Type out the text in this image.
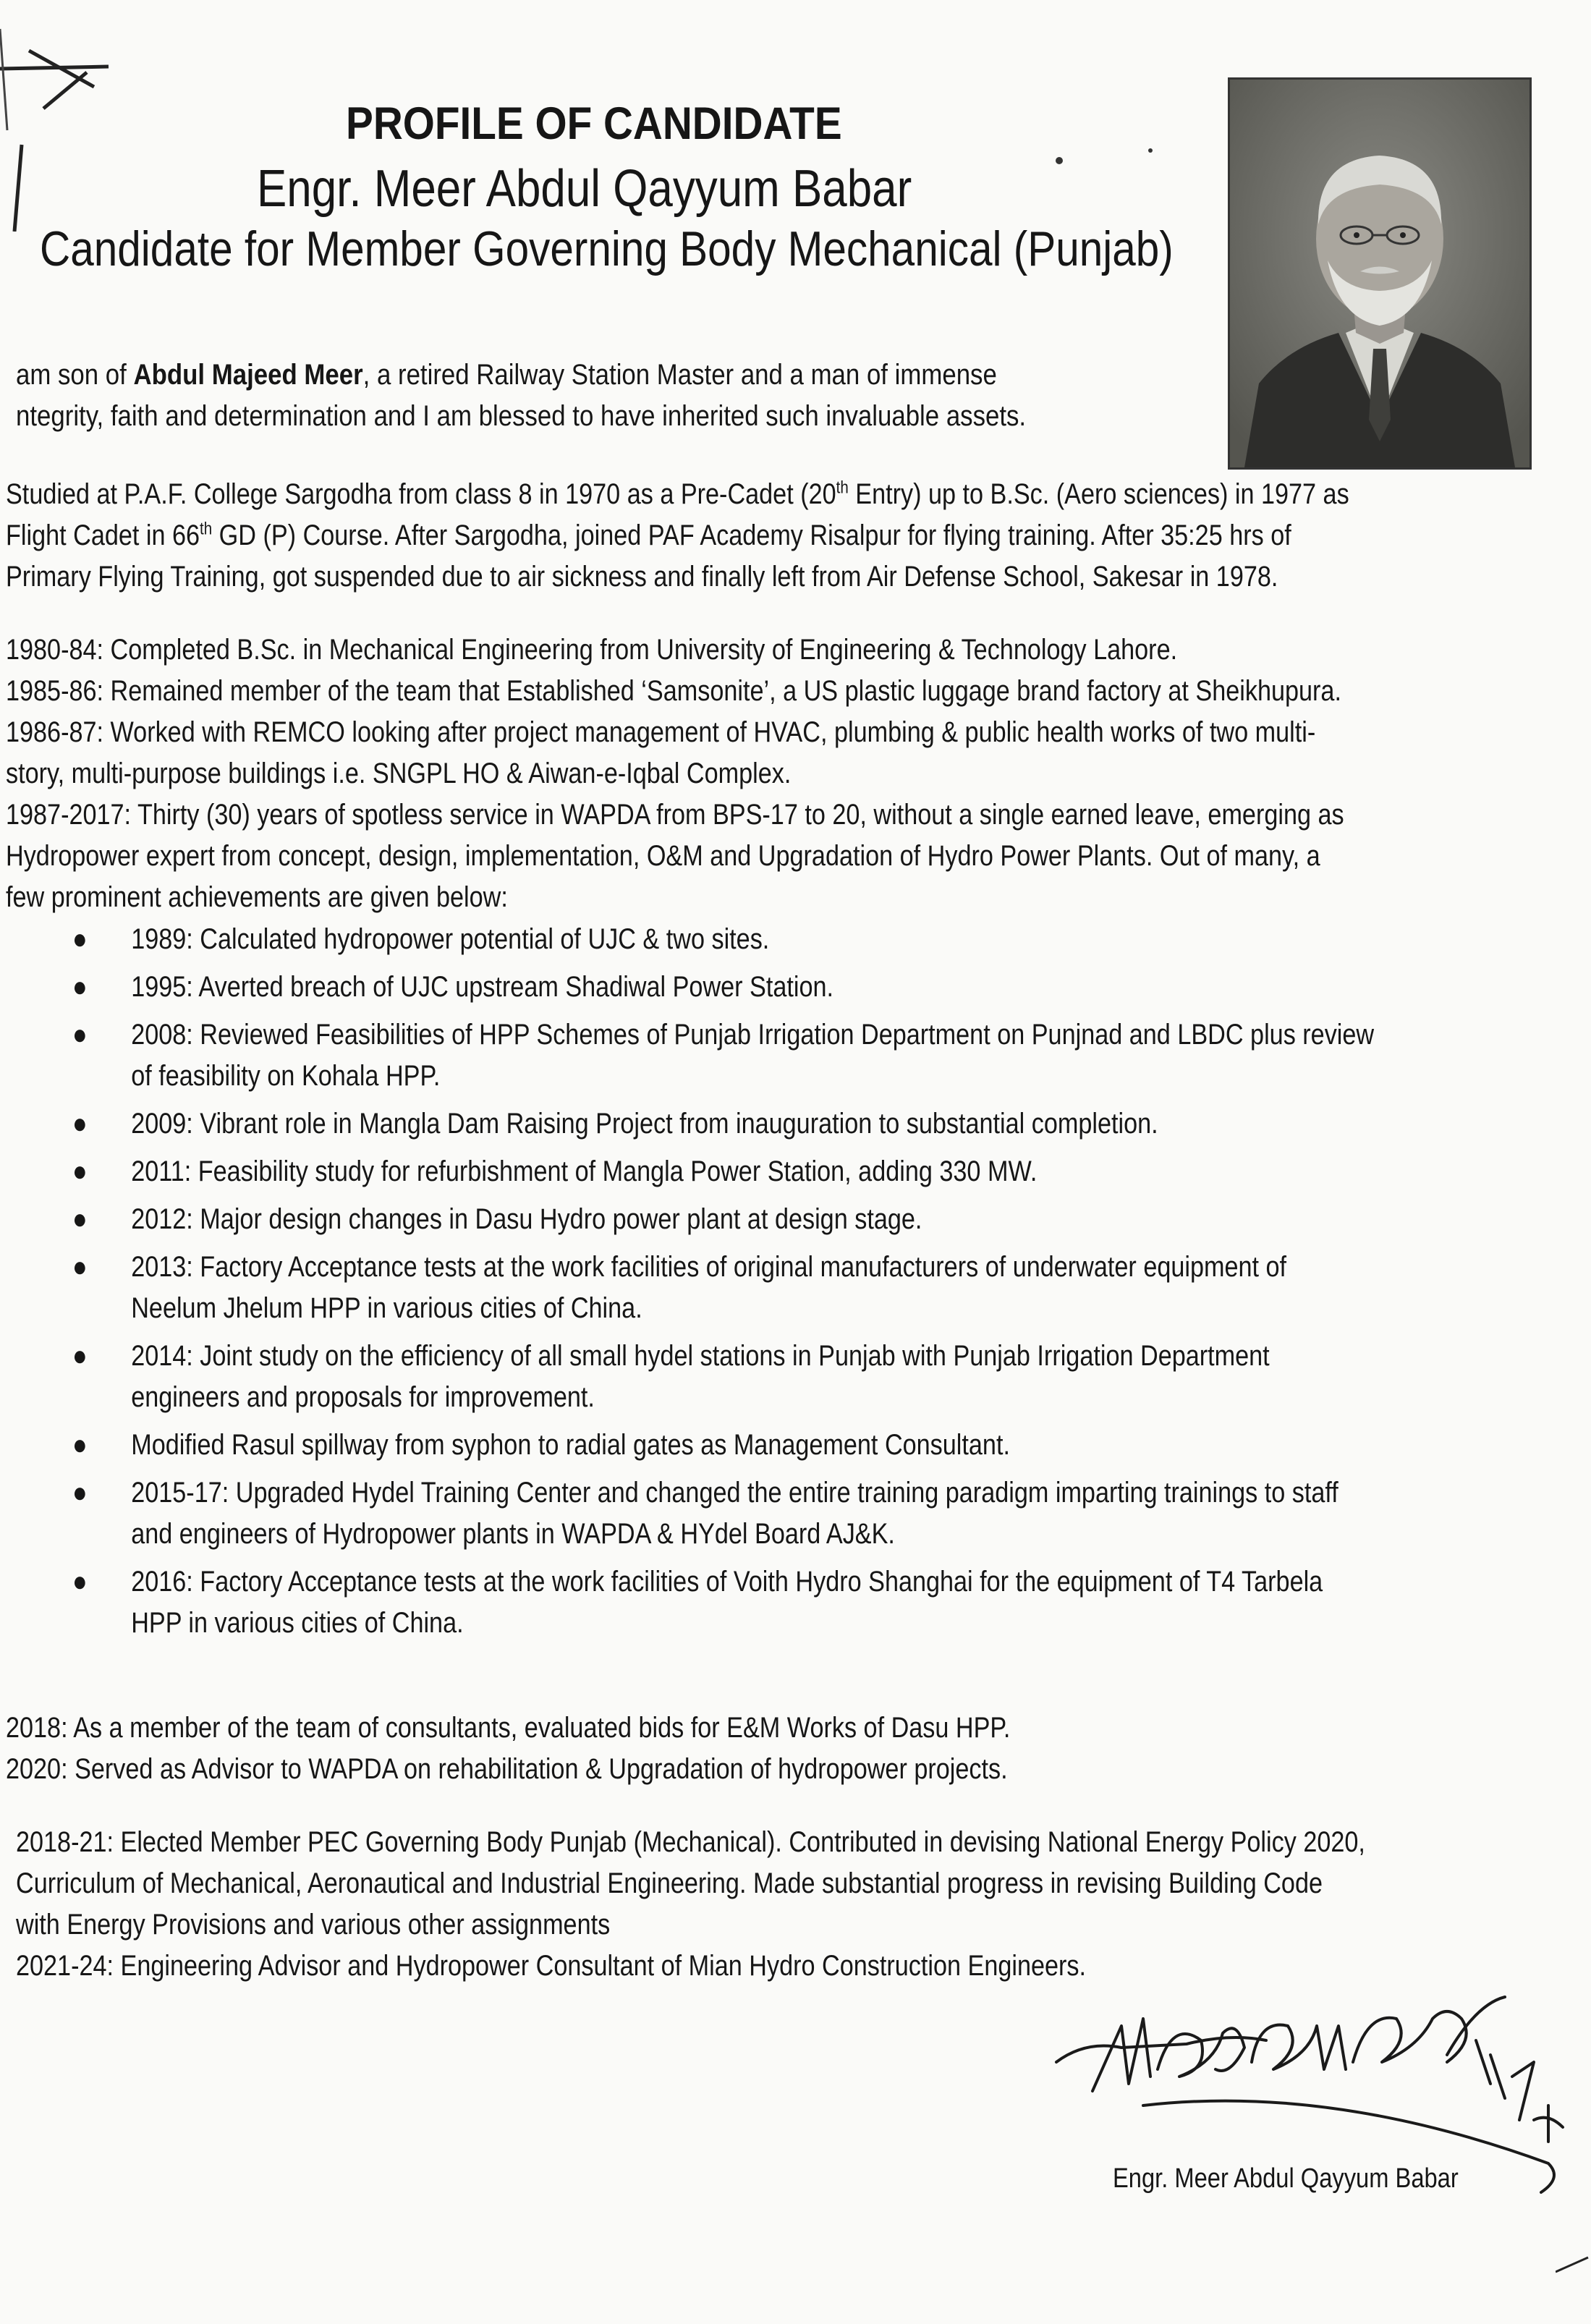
PROFILE OF CANDIDATE
Engr. Meer Abdul Qayyum Babar
Candidate for Member Governing Body Mechanical (Punjab)
am son of Abdul Majeed Meer, a retired Railway Station Master and a man of immense
ntegrity, faith and determination and I am blessed to have inherited such invaluable assets.
Studied at P.A.F. College Sargodha from class 8 in 1970 as a Pre-Cadet (20th Entry) up to B.Sc. (Aero sciences) in 1977 as
Flight Cadet in 66th GD (P) Course. After Sargodha, joined PAF Academy Risalpur for flying training. After 35:25 hrs of
Primary Flying Training, got suspended due to air sickness and finally left from Air Defense School, Sakesar in 1978.
1980-84: Completed B.Sc. in Mechanical Engineering from University of Engineering & Technology Lahore.
1985-86: Remained member of the team that Established ‘Samsonite’, a US plastic luggage brand factory at Sheikhupura.
1986-87: Worked with REMCO looking after project management of HVAC, plumbing & public health works of two multi-
story, multi-purpose buildings i.e. SNGPL HO & Aiwan-e-Iqbal Complex.
1987-2017: Thirty (30) years of spotless service in WAPDA from BPS-17 to 20, without a single earned leave, emerging as
Hydropower expert from concept, design, implementation, O&M and Upgradation of Hydro Power Plants. Out of many, a
few prominent achievements are given below:
● 1989: Calculated hydropower potential of UJC & two sites.
● 1995: Averted breach of UJC upstream Shadiwal Power Station.
● 2008: Reviewed Feasibilities of HPP Schemes of Punjab Irrigation Department on Punjnad and LBDC plus review
of feasibility on Kohala HPP.
● 2009: Vibrant role in Mangla Dam Raising Project from inauguration to substantial completion.
● 2011: Feasibility study for refurbishment of Mangla Power Station, adding 330 MW.
● 2012: Major design changes in Dasu Hydro power plant at design stage.
● 2013: Factory Acceptance tests at the work facilities of original manufacturers of underwater equipment of
Neelum Jhelum HPP in various cities of China.
● 2014: Joint study on the efficiency of all small hydel stations in Punjab with Punjab Irrigation Department
engineers and proposals for improvement.
● Modified Rasul spillway from syphon to radial gates as Management Consultant.
● 2015-17: Upgraded Hydel Training Center and changed the entire training paradigm imparting trainings to staff
and engineers of Hydropower plants in WAPDA & HYdel Board AJ&K.
● 2016: Factory Acceptance tests at the work facilities of Voith Hydro Shanghai for the equipment of T4 Tarbela
HPP in various cities of China.
2018: As a member of the team of consultants, evaluated bids for E&M Works of Dasu HPP.
2020: Served as Advisor to WAPDA on rehabilitation & Upgradation of hydropower projects.
2018-21: Elected Member PEC Governing Body Punjab (Mechanical). Contributed in devising National Energy Policy 2020,
Curriculum of Mechanical, Aeronautical and Industrial Engineering. Made substantial progress in revising Building Code
with Energy Provisions and various other assignments
2021-24: Engineering Advisor and Hydropower Consultant of Mian Hydro Construction Engineers.
Engr. Meer Abdul Qayyum Babar
